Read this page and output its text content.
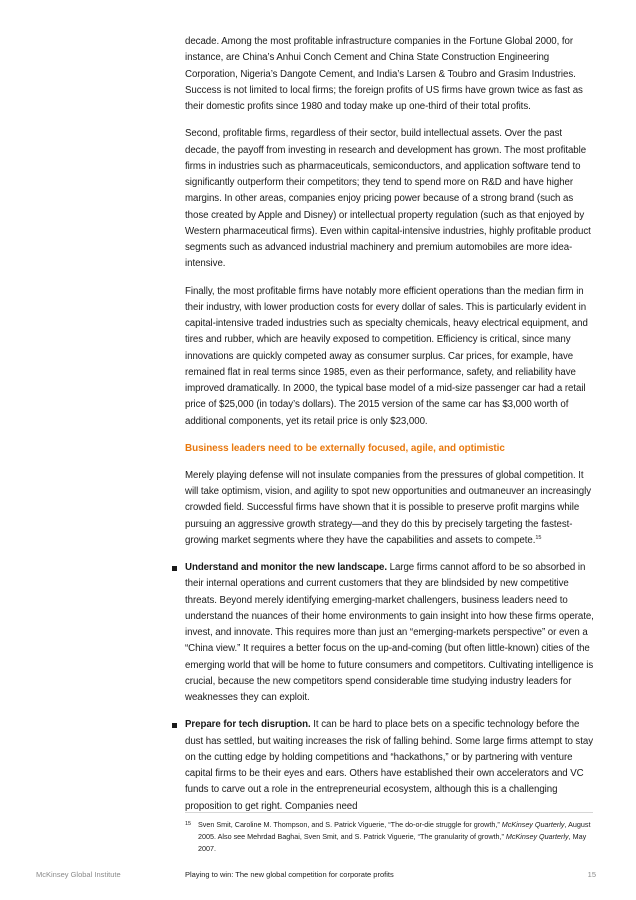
decade. Among the most profitable infrastructure companies in the Fortune Global 2000, for instance, are China’s Anhui Conch Cement and China State Construction Engineering Corporation, Nigeria’s Dangote Cement, and India’s Larsen & Toubro and Grasim Industries. Success is not limited to local firms; the foreign profits of US firms have grown twice as fast as their domestic profits since 1980 and today make up one-third of their total profits.

Second, profitable firms, regardless of their sector, build intellectual assets. Over the past decade, the payoff from investing in research and development has grown. The most profitable firms in industries such as pharmaceuticals, semiconductors, and application software tend to significantly outperform their competitors; they tend to spend more on R&D and have higher margins. In other areas, companies enjoy pricing power because of a strong brand (such as those created by Apple and Disney) or intellectual property regulation (such as that enjoyed by Western pharmaceutical firms). Even within capital-intensive industries, highly profitable product segments such as advanced industrial machinery and premium automobiles are more idea-intensive.

Finally, the most profitable firms have notably more efficient operations than the median firm in their industry, with lower production costs for every dollar of sales. This is particularly evident in capital-intensive traded industries such as specialty chemicals, heavy electrical equipment, and tires and rubber, which are heavily exposed to competition. Efficiency is critical, since many innovations are quickly competed away as consumer surplus. Car prices, for example, have remained flat in real terms since 1985, even as their performance, safety, and reliability have improved dramatically. In 2000, the typical base model of a mid-size passenger car had a retail price of $25,000 (in today’s dollars). The 2015 version of the same car has $3,000 worth of additional components, yet its retail price is only $23,000.

Business leaders need to be externally focused, agile, and optimistic

Merely playing defense will not insulate companies from the pressures of global competition. It will take optimism, vision, and agility to spot new opportunities and outmaneuver an increasingly crowded field. Successful firms have shown that it is possible to preserve profit margins while pursuing an aggressive growth strategy—and they do this by precisely targeting the fastest-growing market segments where they have the capabilities and assets to compete.$^{15}$

Understand and monitor the new landscape. Large firms cannot afford to be so absorbed in their internal operations and current customers that they are blindsided by new competitive threats. Beyond merely identifying emerging-market challengers, business leaders need to understand the nuances of their home environments to gain insight into how these firms operate, invest, and innovate. This requires more than just an “emerging-markets perspective” or even a “China view.” It requires a better focus on the up-and-coming (but often little-known) cities of the emerging world that will be home to future consumers and competitors. Cultivating intelligence is crucial, because the new competitors spend considerable time studying industry leaders for weaknesses they can exploit.
Prepare for tech disruption. It can be hard to place bets on a specific technology before the dust has settled, but waiting increases the risk of falling behind. Some large firms attempt to stay on the cutting edge by holding competitions and “hackathons,” or by partnering with venture capital firms to be their eyes and ears. Others have established their own accelerators and VC funds to carve out a role in the entrepreneurial ecosystem, although this is a challenging proposition to get right. Companies need
15 Sven Smit, Caroline M. Thompson, and S. Patrick Viguerie, “The do-or-die struggle for growth,” McKinsey Quarterly, August 2005. Also see Mehrdad Baghai, Sven Smit, and S. Patrick Viguerie, “The granularity of growth,” McKinsey Quarterly, May 2007.
McKinsey Global Institute	Playing to win: The new global competition for corporate profits	15
